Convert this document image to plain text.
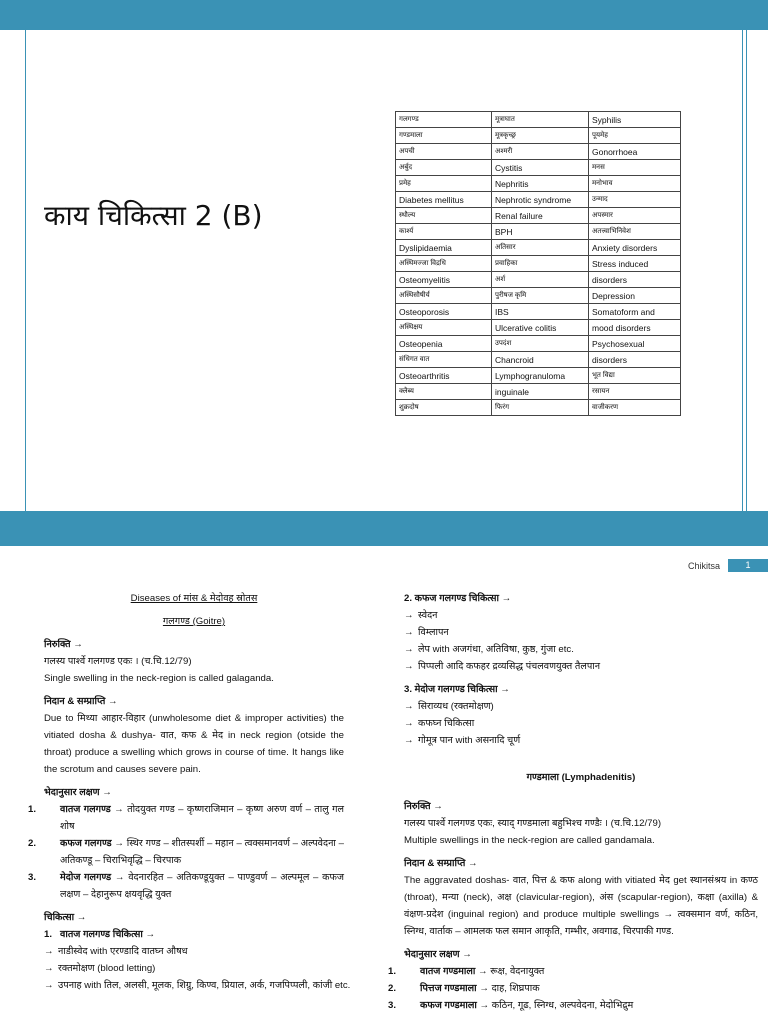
काय चिकित्सा 2 (B)
गलगण्ड	मूत्राघात	Syphilis
गण्डमाला	मूत्रकृच्छ्र	पूयमेह
अपची	अश्मरी	Gonorrhoea
अर्बुद	Cystitis	मनस
प्रमेह	Nephritis	मनोभाव
Diabetes mellitus	Nephrotic syndrome	उन्माद
स्थौल्य	Renal failure	अपस्मार
कार्श्य	BPH	अतत्त्वाभिनिवेश
Dyslipidaemia	अतिसार	Anxiety disorders
अस्थिमज्जा विद्रधि	प्रवाहिका	Stress induced
Osteomyelitis	अर्श	disorders
अस्थिसौषीर्य	पुरीषज कृमि	Depression
Osteoporosis	IBS	Somatoform and
अस्थिक्षय	Ulcerative colitis	mood disorders
Osteopenia	उपदंश	Psychosexual
संधिगत वात	Chancroid	disorders
Osteoarthritis	Lymphogranuloma	भूत विद्या
क्लैब्य	inguinale	रसायन
शुक्रदोष	फिरंग	वाजीकरण
Chikitsa	1
Diseases of मांस & मेदोवह स्रोतस
गलगण्ड (Goitre)
निरुक्ति →
गलस्य पार्श्वे गलगण्ड एकः । (च.चि.12/79)
Single swelling in the neck-region is called galaganda.
निदान & सम्प्राप्ति →
Due to मिथ्या आहार-विहार (unwholesome diet & improper activities) the vitiated dosha & dushya- वात, कफ & मेद in neck region (otside the throat) produce a swelling which grows in course of time. It hangs like the scrotum and causes severe pain.
भेदानुसार लक्षण →
1. वातज गलगण्ड → तोदयुक्त गण्ड – कृष्णराजिमान – कृष्ण अरुण वर्ण – तालु गल शोष
2. कफज गलगण्ड → स्थिर गण्ड – शीतस्पर्शी – महान – त्वक्समानवर्ण – अल्पवेदना – अतिकण्डू – चिराभिवृद्धि – चिरपाक
3. मेदोज गलगण्ड → वेदनारहित – अतिकण्डूयुक्त – पाण्डुवर्ण – अल्पमूल – कफज लक्षण – देहानुरूप क्षयवृद्धि युक्त
चिकित्सा →
1. वातज गलगण्ड चिकित्सा →
→ नाडीस्वेद with एरण्डादि वातघ्न औषध
→ रक्तमोक्षण (blood letting)
→ उपनाह with तिल, अलसी, मूलक, शिग्रु, किण्व, प्रियाल, अर्क, गजपिप्पली, कांजी etc.
2. कफज गलगण्ड चिकित्सा →
→ स्वेदन
→ विम्लापन
→ लेप with अजगंधा, अतिविषा, कुष्ठ, गुंजा etc.
→ पिप्पली आदि कफहर द्रव्यसिद्ध पंचलवणयुक्त तैलपान
3. मेदोज गलगण्ड चिकित्सा →
→ सिराव्यध (रक्तमोक्षण)
→ कफघ्न चिकित्सा
→ गोमूत्र पान with असनादि चूर्ण
गण्डमाला (Lymphadenitis)
निरुक्ति →
गलस्य पार्श्वे गलगण्ड एकः, स्याद् गण्डमाला बहुभिश्च गण्डैः । (च.चि.12/79)
Multiple swellings in the neck-region are called gandamala.
निदान & सम्प्राप्ति →
The aggravated doshas- वात, पित्त & कफ along with vitiated मेद get स्थानसंश्रय in कण्ठ (throat), मन्या (neck), अक्ष (clavicular-region), अंस (scapular-region), कक्षा (axilla) & वंक्षण-प्रदेश (inguinal region) and produce multiple swellings → त्वक्समान वर्ण, कठिन, स्निग्ध, वार्ताक – आमलक फल समान आकृति, गम्भीर, अवगाढ, चिरपाकी गण्ड.
भेदानुसार लक्षण →
1. वातज गण्डमाला → रूक्ष, वेदनायुक्त
2. पित्तज गण्डमाला → दाह, शिघ्रपाक
3. कफज गण्डमाला → कठिन, गूढ, स्निग्ध, अल्पवेदना, मेदोभिद्रुम
